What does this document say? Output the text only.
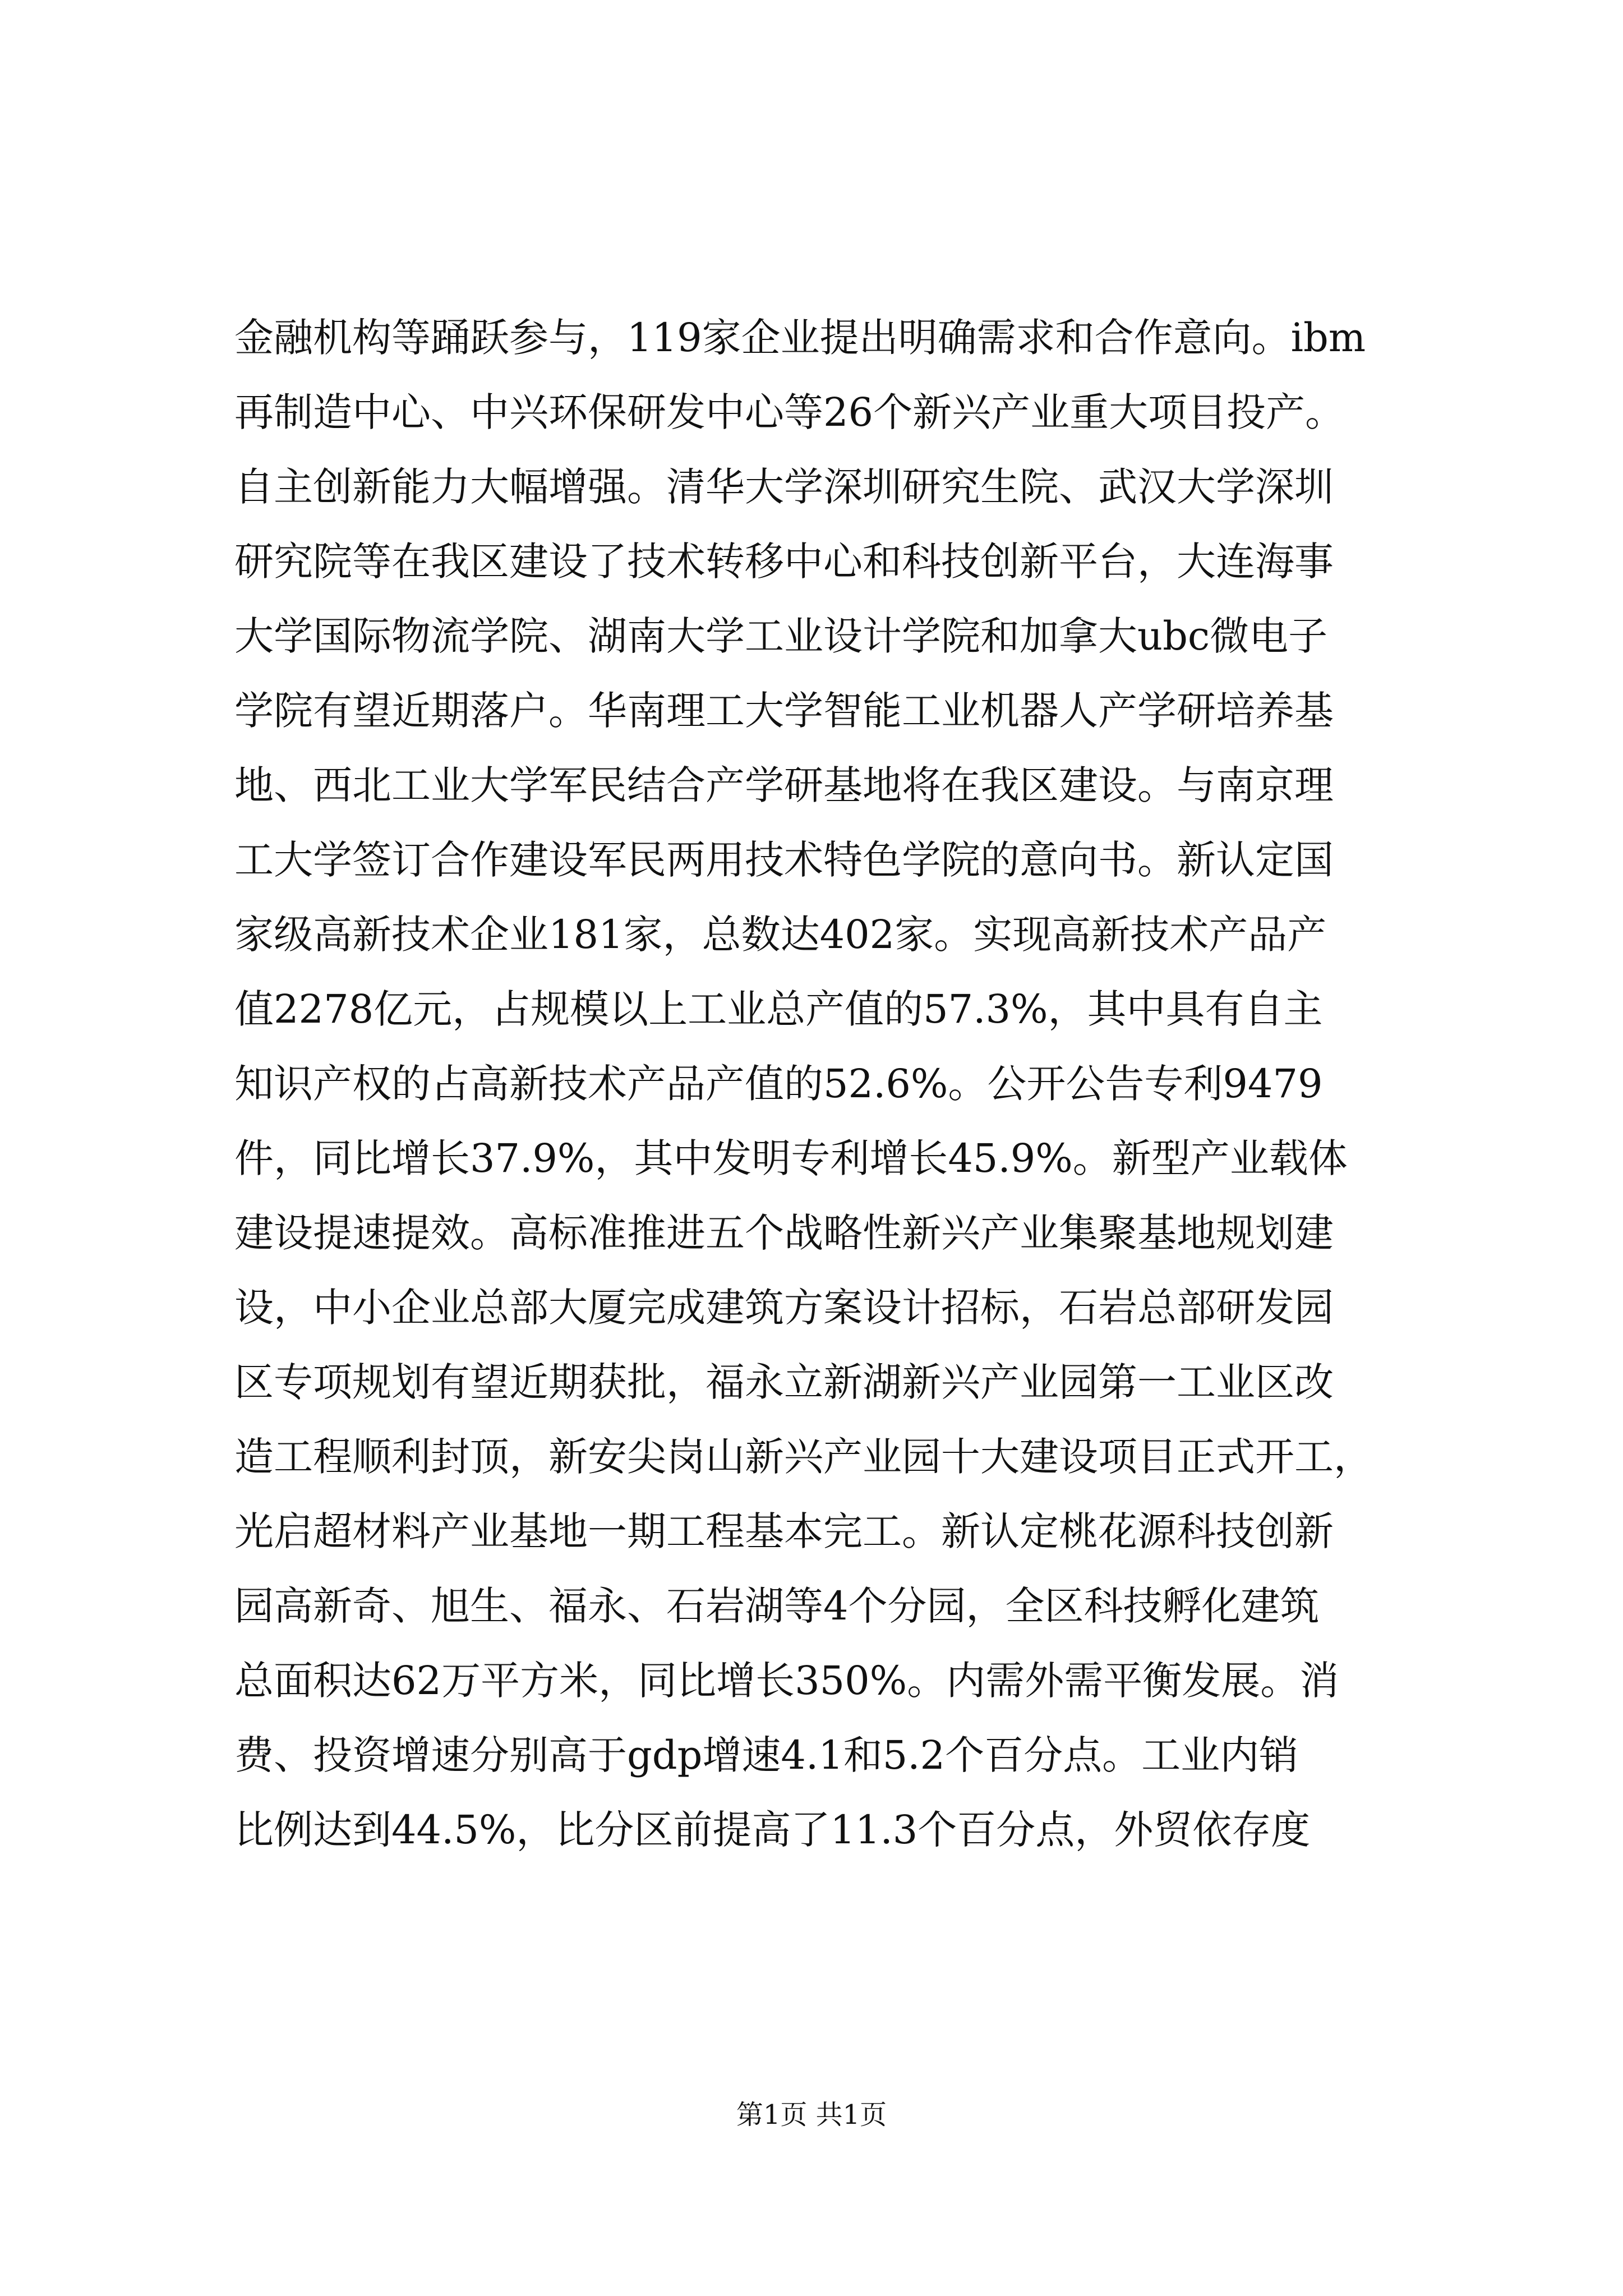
金融机构等踊跃参与，119家企业提出明确需求和合作意向。ibm
再制造中心、中兴环保研发中心等26个新兴产业重大项目投产。
自主创新能力大幅增强。清华大学深圳研究生院、武汉大学深圳
研究院等在我区建设了技术转移中心和科技创新平台，大连海事
大学国际物流学院、湖南大学工业设计学院和加拿大ubc微电子
学院有望近期落户。华南理工大学智能工业机器人产学研培养基
地、西北工业大学军民结合产学研基地将在我区建设。与南京理
工大学签订合作建设军民两用技术特色学院的意向书。新认定国
家级高新技术企业181家，总数达402家。实现高新技术产品产
值2278亿元，占规模以上工业总产值的57.3%，其中具有自主
知识产权的占高新技术产品产值的52.6%。公开公告专利9479
件，同比增长37.9%，其中发明专利增长45.9%。新型产业载体
建设提速提效。高标准推进五个战略性新兴产业集聚基地规划建
设，中小企业总部大厦完成建筑方案设计招标，石岩总部研发园
区专项规划有望近期获批，福永立新湖新兴产业园第一工业区改
造工程顺利封顶，新安尖岗山新兴产业园十大建设项目正式开工，
光启超材料产业基地一期工程基本完工。新认定桃花源科技创新
园高新奇、旭生、福永、石岩湖等4个分园，全区科技孵化建筑
总面积达62万平方米，同比增长350%。内需外需平衡发展。消
费、投资增速分别高于gdp增速4.1和5.2个百分点。工业内销
比例达到44.5%，比分区前提高了11.3个百分点，外贸依存度
第1页 共1页
